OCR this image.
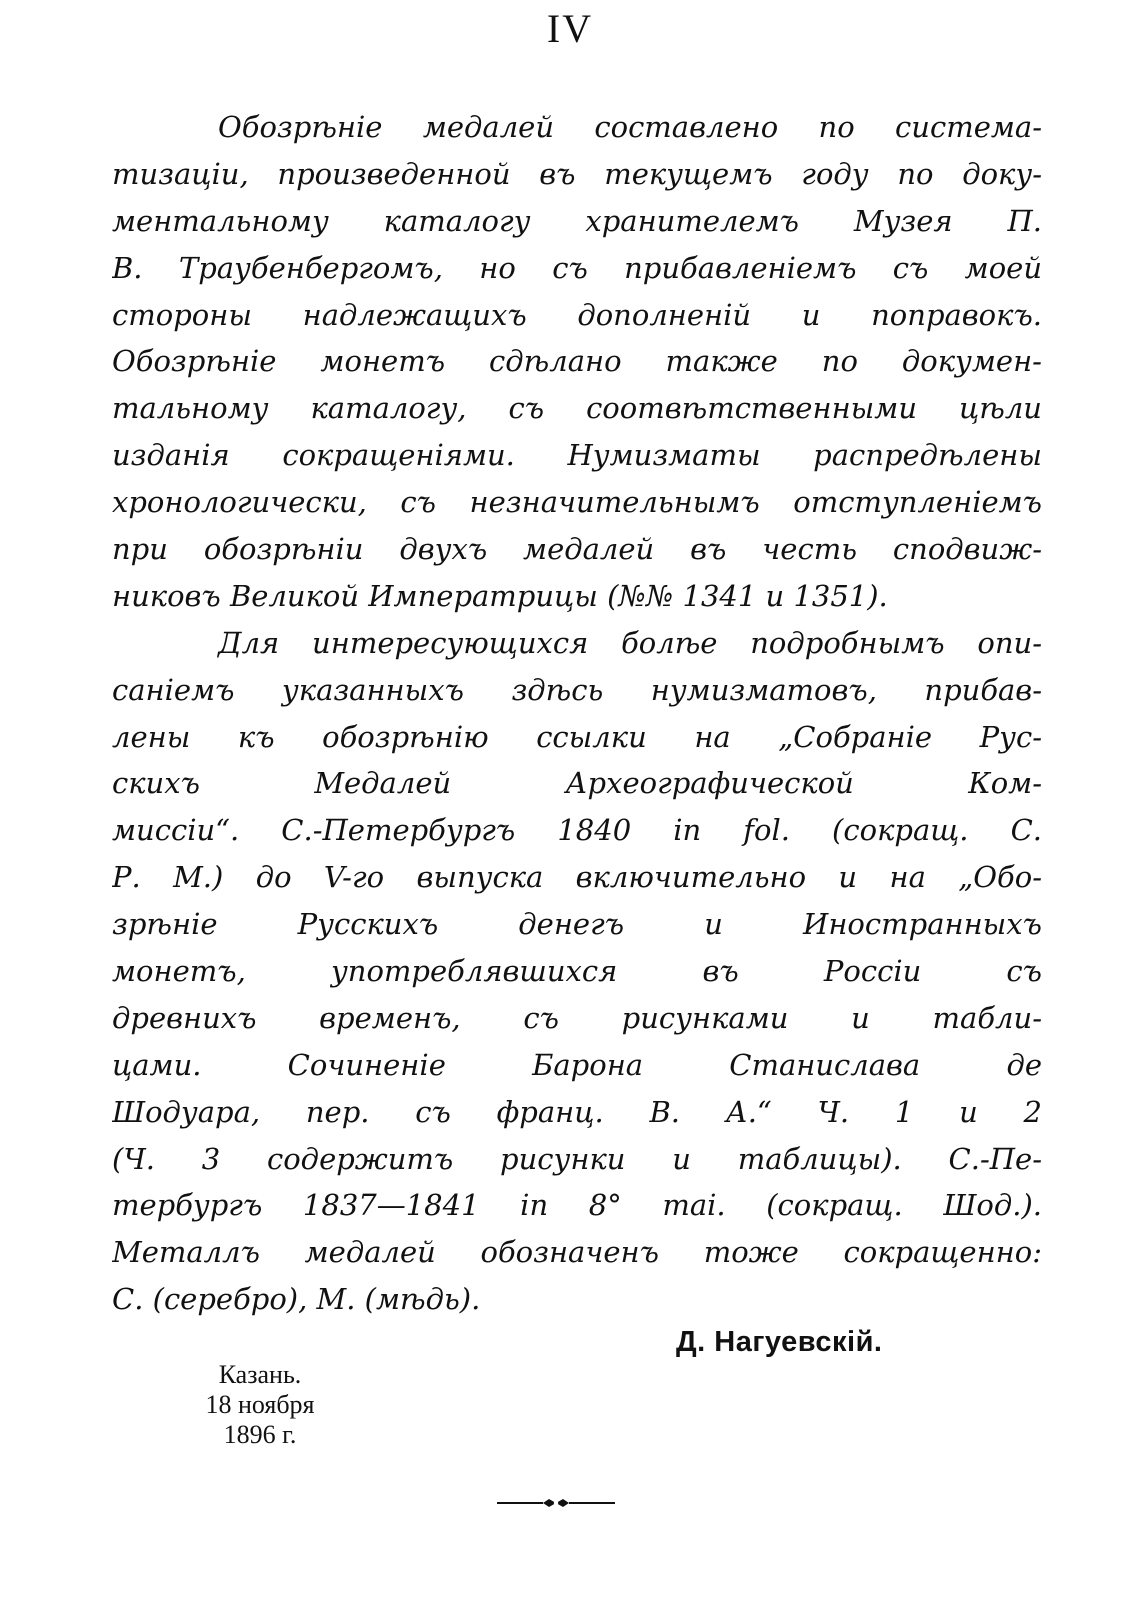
IV
Обозрѣніе медалей составлено по системa-
тизаціи, произведенной въ текущемъ году по доку-
ментальному каталогу хранителемъ Музея П.
В. Траубенбергомъ, но съ прибавленіемъ съ моей
стороны надлежащихъ дополненій и поправокъ.
Обозрѣніе монетъ сдѣлано также по докумен-
тальному каталогу, съ соотвѣтственными цѣли
изданія сокращеніями. Нумизматы распредѣлены
хронологически, съ незначительнымъ отступленіемъ
при обозрѣніи двухъ медалей въ честь сподвиж-
никовъ Великой Императрицы (№№ 1341 и 1351).
Для интересующихся болѣе подробнымъ опи-
саніемъ указанныхъ здѣсь нумизматовъ, прибав-
лены къ обозрѣнію ссылки на „Собраніе Рус-
скихъ Медалей Археографической Ком-
миссіи“. С.-Петербургъ 1840 in fol. (сокращ. С.
Р. М.) до V-го выпуска включительно и на „Обо-
зрѣніе Русскихъ денегъ и Иностранныхъ
монетъ, употреблявшихся въ Россіи съ
древнихъ временъ, съ рисунками и табли-
цами. Сочиненіе Барона Станислава де
Шодуара, пер. съ франц. В. А.“ Ч. 1 и 2
(Ч. 3 содержитъ рисунки и таблицы). С.-Пе-
тербургъ 1837—1841 in 8° mai. (сокращ. Шод.).
Металлъ медалей обозначенъ тоже сокращенно:
С. (серебро), М. (мѣдь).
Д. Нагуевскій.
Казань.
18 ноября
1896 г.
